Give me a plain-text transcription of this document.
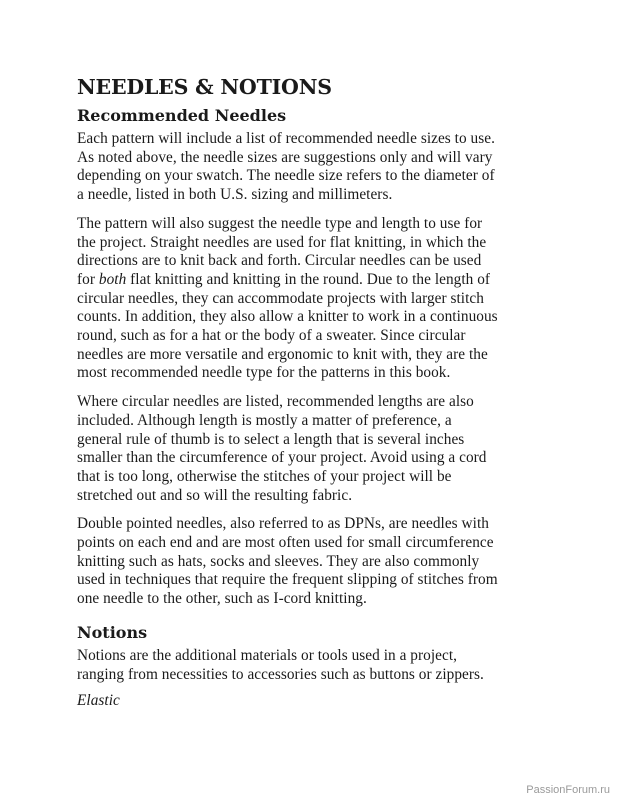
NEEDLES & NOTIONS
Recommended Needles

Each pattern will include a list of recommended needle sizes to use.
As noted above, the needle sizes are suggestions only and will vary
depending on your swatch. The needle size refers to the diameter of
a needle, listed in both U.S. sizing and millimeters.

The pattern will also suggest the needle type and length to use for
the project. Straight needles are used for flat knitting, in which the
directions are to knit back and forth. Circular needles can be used
for both flat knitting and knitting in the round. Due to the length of
circular needles, they can accommodate projects with larger stitch
counts. In addition, they also allow a knitter to work in a continuous
round, such as for a hat or the body of a sweater. Since circular
needles are more versatile and ergonomic to knit with, they are the
most recommended needle type for the patterns in this book.

Where circular needles are listed, recommended lengths are also
included. Although length is mostly a matter of preference, a
general rule of thumb is to select a length that is several inches
smaller than the circumference of your project. Avoid using a cord
that is too long, otherwise the stitches of your project will be
stretched out and so will the resulting fabric.

Double pointed needles, also referred to as DPNs, are needles with
points on each end and are most often used for small circumference
knitting such as hats, socks and sleeves. They are also commonly
used in techniques that require the frequent slipping of stitches from
one needle to the other, such as I-cord knitting.

Notions

Notions are the additional materials or tools used in a project,
ranging from necessities to accessories such as buttons or zippers.

Elastic

PassionForum.ru
